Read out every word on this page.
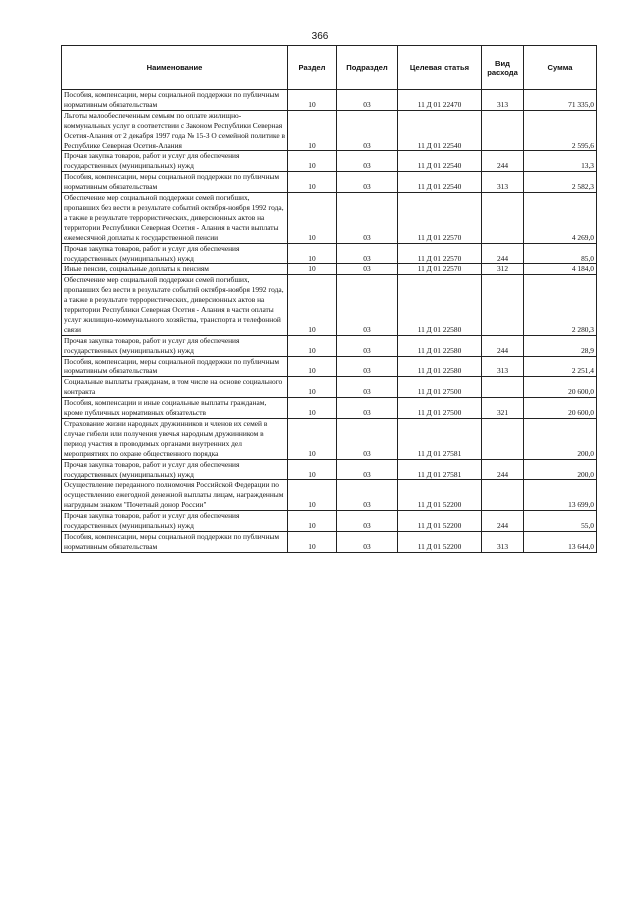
366
Наименование	Раздел	Подраздел	Целевая статья	Вид расхода	Сумма
Пособия, компенсации, меры социальной поддержки по публичным нормативным обязательствам	10	03	11 Д 01 22470	313	71 335,0
Льготы малообеспеченным семьям по оплате жилищно-коммунальных услуг в соответствии с Законом Республики Северная Осетия-Алания от 2 декабря 1997 года № 15-З О семейной политике в Республике Северная Осетия-Алания	10	03	11 Д 01 22540		2 595,6
Прочая закупка товаров, работ и услуг для обеспечения государственных (муниципальных) нужд	10	03	11 Д 01 22540	244	13,3
Пособия, компенсации, меры социальной поддержки по публичным нормативным обязательствам	10	03	11 Д 01 22540	313	2 582,3
Обеспечение мер социальной поддержки семей погибших, пропавших без вести в результате событий октября-ноября 1992 года, а также в результате террористических, диверсионных актов на территории Республики Северная Осетия - Алания в части выплаты ежемесячной доплаты к государственной пенсии	10	03	11 Д 01 22570		4 269,0
Прочая закупка товаров, работ и услуг для обеспечения государственных (муниципальных) нужд	10	03	11 Д 01 22570	244	85,0
Иные пенсии, социальные доплаты к пенсиям	10	03	11 Д 01 22570	312	4 184,0
Обеспечение мер социальной поддержки семей погибших, пропавших без вести в результате событий октября-ноября 1992 года, а также в результате террористических, диверсионных актов на территории Республики Северная Осетия - Алания в части оплаты услуг жилищно-коммунального хозяйства, транспорта и телефонной связи	10	03	11 Д 01 22580		2 280,3
Прочая закупка товаров, работ и услуг для обеспечения государственных (муниципальных) нужд	10	03	11 Д 01 22580	244	28,9
Пособия, компенсации, меры социальной поддержки по публичным нормативным обязательствам	10	03	11 Д 01 22580	313	2 251,4
Социальные выплаты гражданам, в том числе на основе социального контракта	10	03	11 Д 01 27500		20 600,0
Пособия, компенсации и иные социальные выплаты гражданам, кроме публичных нормативных обязательств	10	03	11 Д 01 27500	321	20 600,0
Страхование жизни народных дружинников и членов их семей в случае гибели или получения увечья народным дружинником в период участия в проводимых органами внутренних дел мероприятиях по охране общественного порядка	10	03	11 Д 01 27581		200,0
Прочая закупка товаров, работ и услуг для обеспечения государственных (муниципальных) нужд	10	03	11 Д 01 27581	244	200,0
Осуществление переданного полномочия Российской Федерации по осуществлению ежегодной денежной выплаты лицам, награжденным нагрудным знаком "Почетный донор России"	10	03	11 Д 01 52200		13 699,0
Прочая закупка товаров, работ и услуг для обеспечения государственных (муниципальных) нужд	10	03	11 Д 01 52200	244	55,0
Пособия, компенсации, меры социальной поддержки по публичным нормативным обязательствам	10	03	11 Д 01 52200	313	13 644,0
